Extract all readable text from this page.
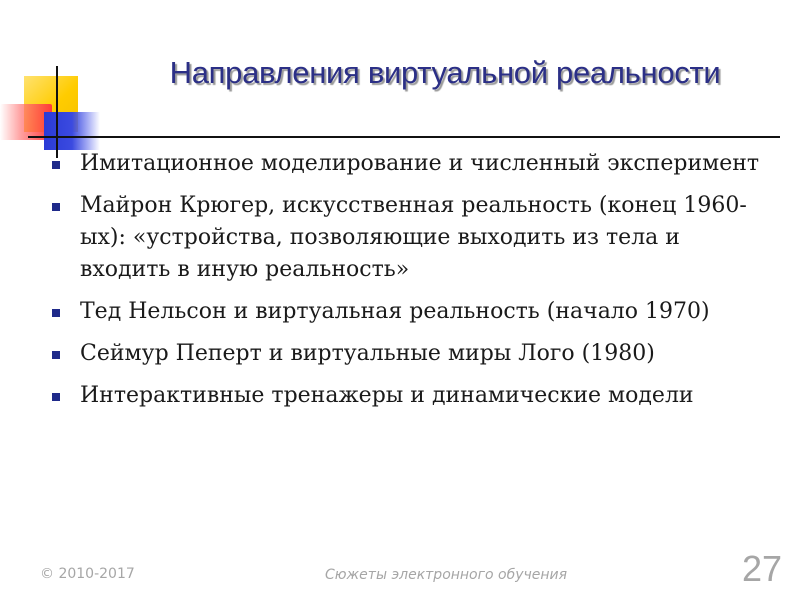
Направления виртуальной реальности
Имитационное моделирование и численный эксперимент
Майрон Крюгер, искусственная реальность (конец 1960-ых): «устройства, позволяющие выходить из тела и входить в иную реальность»
Тед Нельсон и виртуальная реальность (начало 1970)
Сеймур Пеперт и виртуальные миры Лого (1980)
Интерактивные тренажеры и динамические модели
© 2010-2017	Сюжеты электронного обучения	27
